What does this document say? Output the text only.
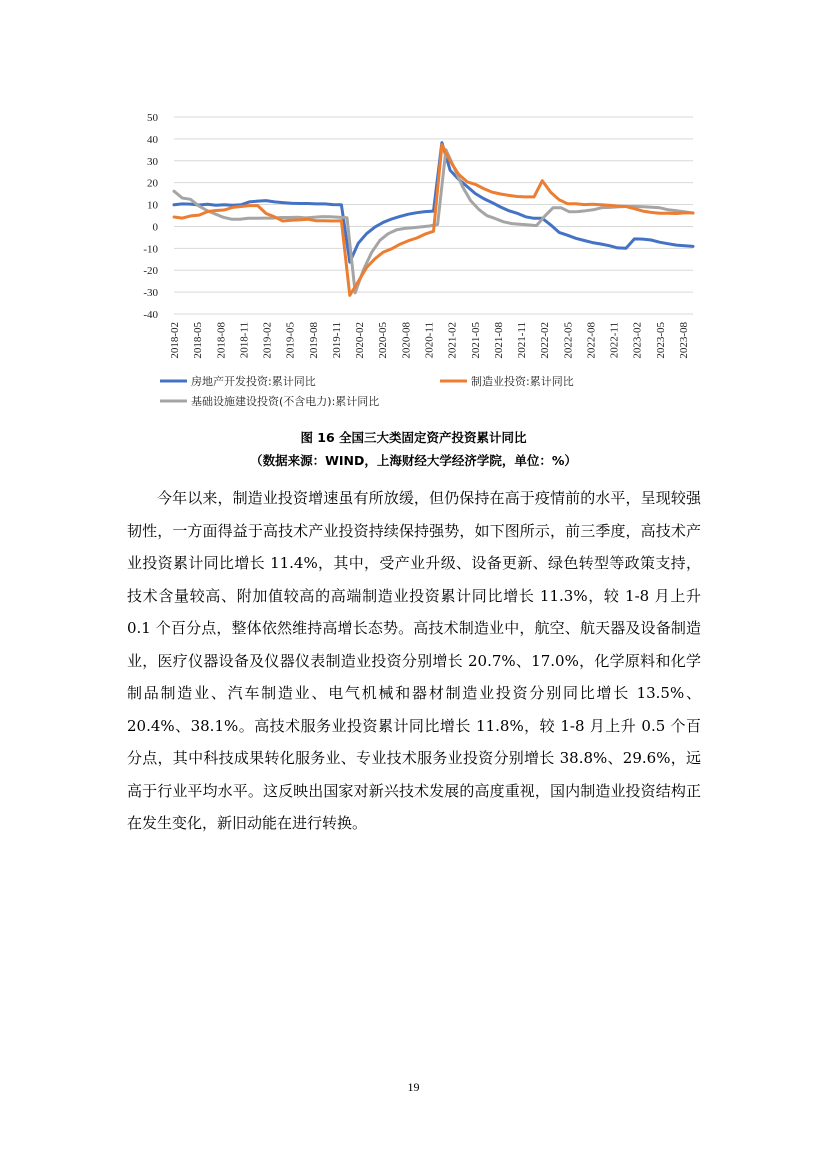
50
40
30
20
10
0
-10
-20
-30
-40
2018-02 2018-05 2018-08 2018-11 2019-02 2019-05 2019-08 2019-11 2020-02 2020-05 2020-08 2020-11 2021-02 2021-05 2021-08 2021-11 2022-02 2022-05 2022-08 2022-11 2023-02 2023-05 2023-08
房地产开发投资:累计同比	制造业投资:累计同比
基础设施建设投资(不含电力):累计同比
图 16 全国三大类固定资产投资累计同比
（数据来源：WIND，上海财经大学经济学院，单位：%）

今年以来，制造业投资增速虽有所放缓，但仍保持在高于疫情前的水平，呈现较强韧性，一方面得益于高技术产业投资持续保持强势，如下图所示，前三季度，高技术产业投资累计同比增长 11.4%，其中，受产业升级、设备更新、绿色转型等政策支持，技术含量较高、附加值较高的高端制造业投资累计同比增长 11.3%，较 1-8 月上升 0.1 个百分点，整体依然维持高增长态势。高技术制造业中，航空、航天器及设备制造业，医疗仪器设备及仪器仪表制造业投资分别增长 20.7%、17.0%，化学原料和化学制品制造业、汽车制造业、电气机械和器材制造业投资分别同比增长 13.5%、20.4%、38.1%。高技术服务业投资累计同比增长 11.8%，较 1-8 月上升 0.5 个百分点，其中科技成果转化服务业、专业技术服务业投资分别增长 38.8%、29.6%，远高于行业平均水平。这反映出国家对新兴技术发展的高度重视，国内制造业投资结构正在发生变化，新旧动能在进行转换。

19
